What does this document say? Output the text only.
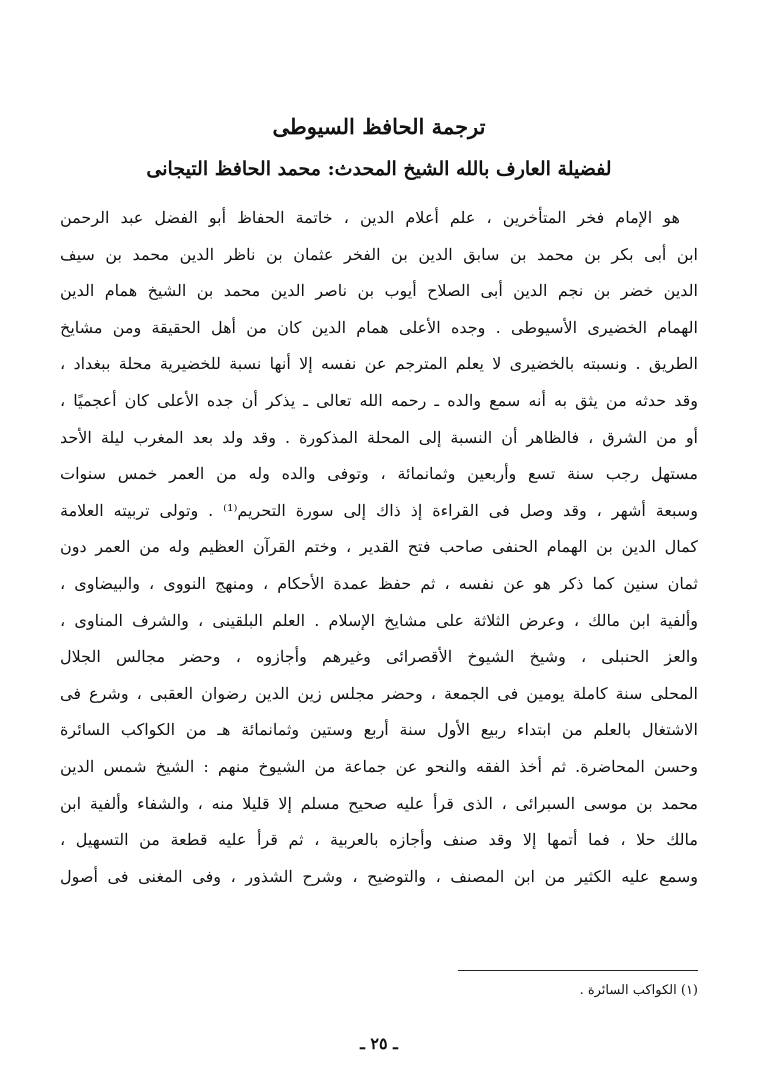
ترجمة الحافظ السيوطى
لفضيلة العارف بالله الشيخ المحدث: محمد الحافظ التيجانى
هو الإمام فخر المتأخرين ، علم أعلام الدين ، خاتمة الحفاظ أبو الفضل عبد الرحمن
ابن أبى بكر بن محمد بن سابق الدين بن الفخر عثمان بن ناظر الدين محمد بن سيف
الدين خضر بن نجم الدين أبى الصلاح أيوب بن ناصر الدين محمد بن الشيخ همام الدين
الهمام الخضيرى الأسيوطى . وجده الأعلى همام الدين كان من أهل الحقيقة ومن مشايخ
الطريق . ونسبته بالخضيرى لا يعلم المترجم عن نفسه إلا أنها نسبة للخضيرية محلة ببغداد ،
وقد حدثه من يثق به أنه سمع والده ـ رحمه الله تعالى ـ يذكر أن جده الأعلى كان أعجميًا ،
أو من الشرق ، فالظاهر أن النسبة إلى المحلة المذكورة . وقد ولد بعد المغرب ليلة الأحد
مستهل رجب سنة تسع وأربعين وثمانمائة ، وتوفى والده وله من العمر خمس سنوات
وسبعة أشهر ، وقد وصل فى القراءة إذ ذاك إلى سورة التحريم⁽¹⁾ . وتولى تربيته العلامة
كمال الدين بن الهمام الحنفى صاحب فتح القدير ، وختم القرآن العظيم وله من العمر دون
ثمان سنين كما ذكر هو عن نفسه ، ثم حفظ عمدة الأحكام ، ومنهج النووى ، والبيضاوى ،
وألفية ابن مالك ، وعرض الثلاثة على مشايخ الإسلام . العلم البلقينى ، والشرف المناوى ،
والعز الحنبلى ، وشيخ الشيوخ الأقصرائى وغيرهم وأجازوه ، وحضر مجالس الجلال
المحلى سنة كاملة يومين فى الجمعة ، وحضر مجلس زين الدين رضوان العقبى ، وشرع فى
الاشتغال بالعلم من ابتداء ربيع الأول سنة أربع وستين وثمانمائة هـ من الكواكب السائرة
وحسن المحاضرة. ثم أخذ الفقه والنحو عن جماعة من الشيوخ منهم : الشيخ شمس الدين
محمد بن موسى السبرائى ، الذى قرأ عليه صحيح مسلم إلا قليلا منه ، والشفاء وألفية ابن
مالك حلا ، فما أتمها إلا وقد صنف وأجازه بالعربية ، ثم قرأ عليه قطعة من التسهيل ،
وسمع عليه الكثير من ابن المصنف ، والتوضيح ، وشرح الشذور ، وفى المغنى فى أصول

(١) الكواكب السائرة .

ـ ٢٥ ـ
